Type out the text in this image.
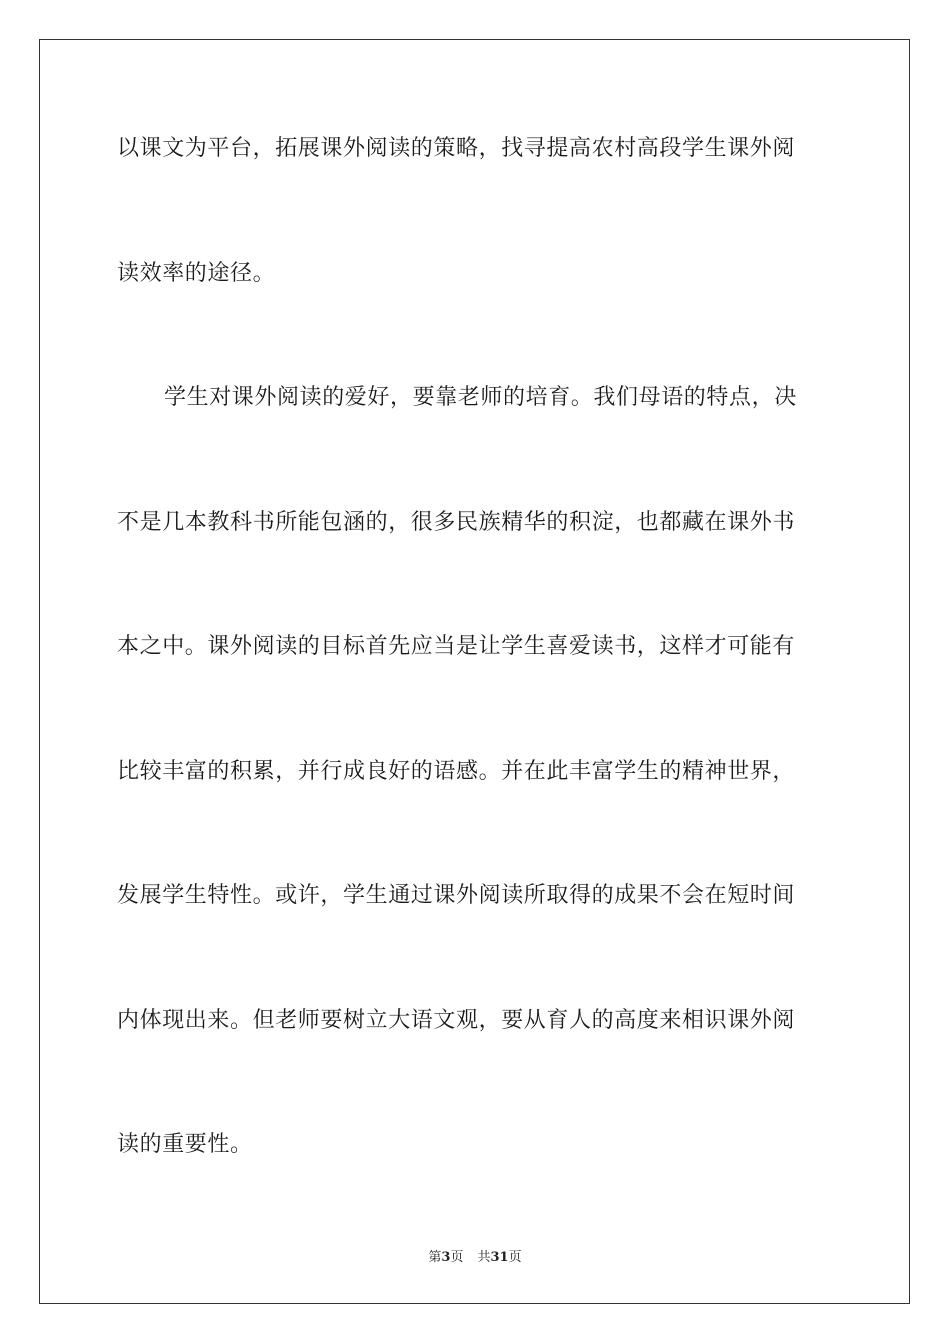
以课文为平台，拓展课外阅读的策略，找寻提高农村高段学生课外阅
读效率的途径。
学生对课外阅读的爱好，要靠老师的培育。我们母语的特点，决
不是几本教科书所能包涵的，很多民族精华的积淀，也都藏在课外书
本之中。课外阅读的目标首先应当是让学生喜爱读书，这样才可能有
比较丰富的积累，并行成良好的语感。并在此丰富学生的精神世界，
发展学生特性。或许，学生通过课外阅读所取得的成果不会在短时间
内体现出来。但老师要树立大语文观，要从育人的高度来相识课外阅
读的重要性。
第3页 共31页
